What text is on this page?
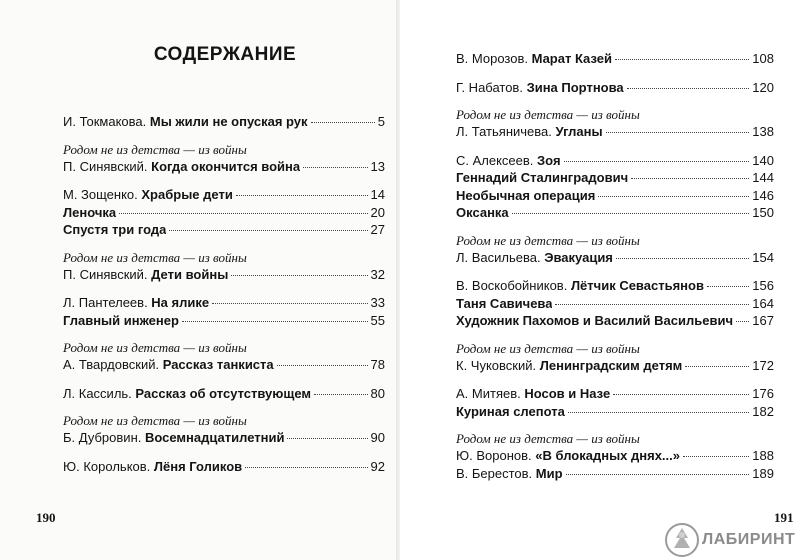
СОДЕРЖАНИЕ
И. Токмакова. Мы жили не опуская рук	5
Родом не из детства — из войны
П. Синявский. Когда окончится война	13
М. Зощенко. Храбрые дети	14
Леночка	20
Спустя три года	27
Родом не из детства — из войны
П. Синявский. Дети войны	32
Л. Пантелеев. На ялике	33
Главный инженер	55
Родом не из детства — из войны
А. Твардовский. Рассказ танкиста	78
Л. Кассиль. Рассказ об отсутствующем	80
Родом не из детства — из войны
Б. Дубровин. Восемнадцатилетний	90
Ю. Корольков. Лёня Голиков	92
190
В. Морозов. Марат Казей	108
Г. Набатов. Зина Портнова	120
Родом не из детства — из войны
Л. Татьяничева. Угланы	138
С. Алексеев. Зоя	140
Геннадий Сталинградович	144
Необычная операция	146
Оксанка	150
Родом не из детства — из войны
Л. Васильева. Эвакуация	154
В. Воскобойников. Лётчик Севастьянов	156
Таня Савичева	164
Художник Пахомов и Василий Васильевич 167
Родом не из детства — из войны
К. Чуковский. Ленинградским детям	172
А. Митяев. Носов и Назе	176
Куриная слепота	182
Родом не из детства — из войны
Ю. Воронов. «В блокадных днях...»	188
В. Берестов. Мир	189
191
ЛАБИРИНТ
